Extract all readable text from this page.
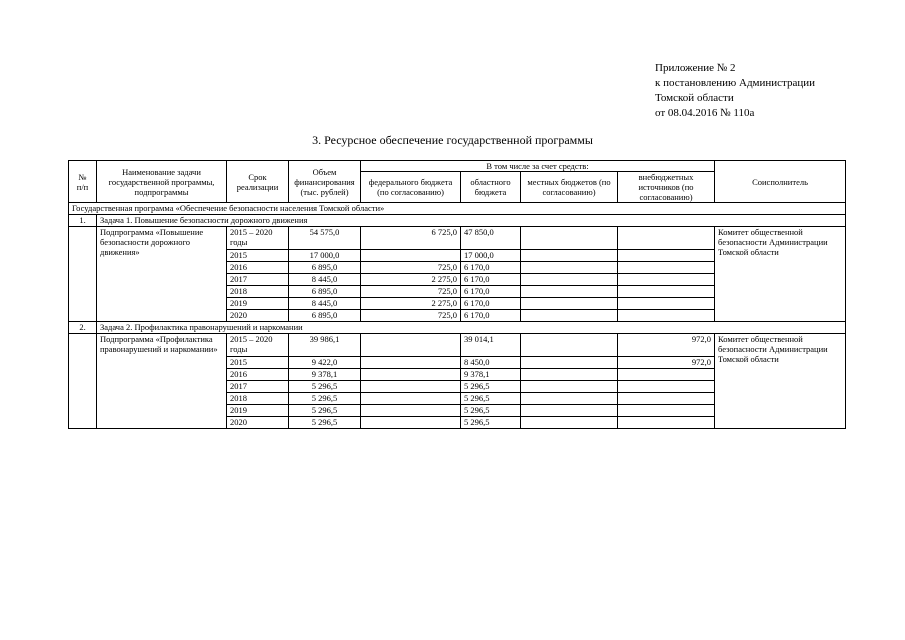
Приложение № 2
к постановлению Администрации
Томской области
от 08.04.2016 № 110а
3. Ресурсное обеспечение государственной программы
№
п/п	Наименование задачи государственной программы, подпрограммы	Срок реализации	Объем финансирования (тыс. рублей)	В том числе за счет средств:				Соисполнитель
				федерального бюджета (по согласованию)	областного бюджета	местных бюджетов (по согласованию)	внебюджетных источников (по согласованию)	
Государственная программа «Обеспечение безопасности населения Томской области»								
1.	Задача 1. Повышение безопасности дорожного движения							
	Подпрограмма «Повышение безопасности дорожного движения»	2015 – 2020 годы	54 575,0	6 725,0	47 850,0			Комитет общественной безопасности Администрации Томской области
		2015	17 000,0		17 000,0			
		2016	6 895,0	725,0	6 170,0			
		2017	8 445,0	2 275,0	6 170,0			
		2018	6 895,0	725,0	6 170,0			
		2019	8 445,0	2 275,0	6 170,0			
		2020	6 895,0	725,0	6 170,0			
2.	Задача 2. Профилактика правонарушений и наркомании							
	Подпрограмма «Профилактика правонарушений и наркомании»	2015 – 2020 годы	39 986,1		39 014,1		972,0	Комитет общественной безопасности Администрации Томской области
		2015	9 422,0		8 450,0		972,0	
		2016	9 378,1		9 378,1			
		2017	5 296,5		5 296,5			
		2018	5 296,5		5 296,5			
		2019	5 296,5		5 296,5			
		2020	5 296,5		5 296,5			
